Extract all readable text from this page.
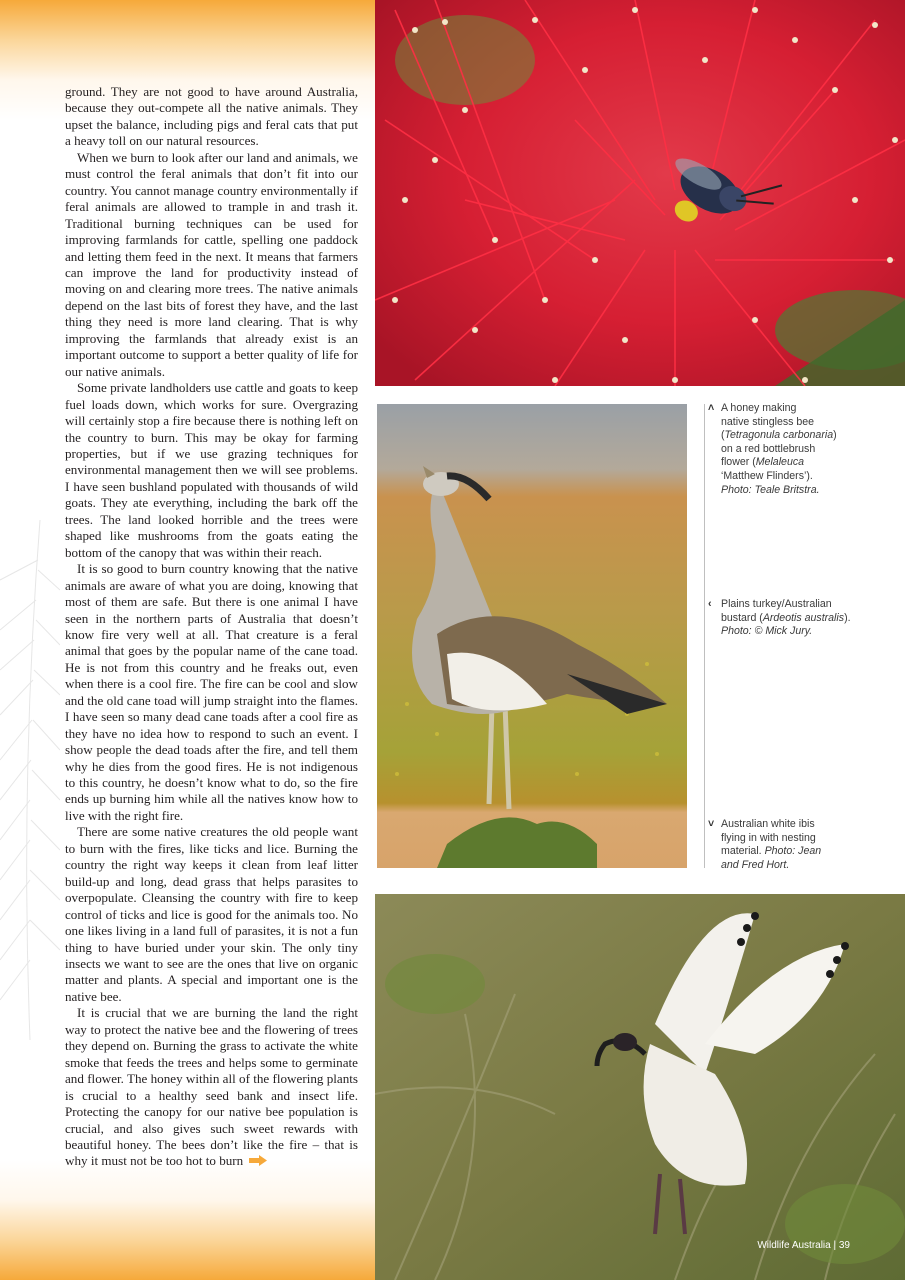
ground. They are not good to have around Australia, because they out-compete all the native animals. They upset the balance, including pigs and feral cats that put a heavy toll on our natural resources.

When we burn to look after our land and animals, we must control the feral animals that don’t fit into our country. You cannot manage country environmentally if feral animals are allowed to trample in and trash it. Traditional burning techniques can be used for improving farmlands for cattle, spelling one paddock and letting them feed in the next. It means that farmers can improve the land for productivity instead of moving on and clearing more trees. The native animals depend on the last bits of forest they have, and the last thing they need is more land clearing. That is why improving the farmlands that already exist is an important outcome to support a better quality of life for our native animals.

Some private landholders use cattle and goats to keep fuel loads down, which works for sure. Overgrazing will certainly stop a fire because there is nothing left on the country to burn. This may be okay for farming properties, but if we use grazing techniques for environmental management then we will see problems. I have seen bushland populated with thousands of wild goats. They ate everything, including the bark off the trees. The land looked horrible and the trees were shaped like mushrooms from the goats eating the bottom of the canopy that was within their reach.

It is so good to burn country knowing that the native animals are aware of what you are doing, knowing that most of them are safe. But there is one animal I have seen in the northern parts of Australia that doesn’t know fire very well at all. That creature is a feral animal that goes by the popular name of the cane toad. He is not from this country and he freaks out, even when there is a cool fire. The fire can be cool and slow and the old cane toad will jump straight into the flames. I have seen so many dead cane toads after a cool fire as they have no idea how to respond to such an event. I show people the dead toads after the fire, and tell them why he dies from the good fires. He is not indigenous to this country, he doesn’t know what to do, so the fire ends up burning him while all the natives know how to live with the right fire.

There are some native creatures the old people want to burn with the fires, like ticks and lice. Burning the country the right way keeps it clean from leaf litter build-up and long, dead grass that helps parasites to overpopulate. Cleansing the country with fire to keep control of ticks and lice is good for the animals too. No one likes living in a land full of parasites, it is not a fun thing to have buried under your skin. The only tiny insects we want to see are the ones that live on organic matter and plants. A special and important one is the native bee.

It is crucial that we are burning the land the right way to protect the native bee and the flowering of trees they depend on. Burning the grass to activate the white smoke that feeds the trees and helps some to germinate and flower. The honey within all of the flowering plants is crucial to a healthy seed bank and insect life. Protecting the canopy for our native bee population is crucial, and also gives such sweet rewards with beautiful honey. The bees don’t like the fire – that is why it must not be too hot to burn

˄ A honey making
native stingless bee
(Tetragonula carbonaria)
on a red bottlebrush
flower (Melaleuca
‘Matthew Flinders’).
Photo: Teale Britstra.
‹ Plains turkey/Australian
bustard (Ardeotis australis).
Photo: © Mick Jury.
˅ Australian white ibis
flying in with nesting
material. Photo: Jean
and Fred Hort.
Wildlife Australia | 39
